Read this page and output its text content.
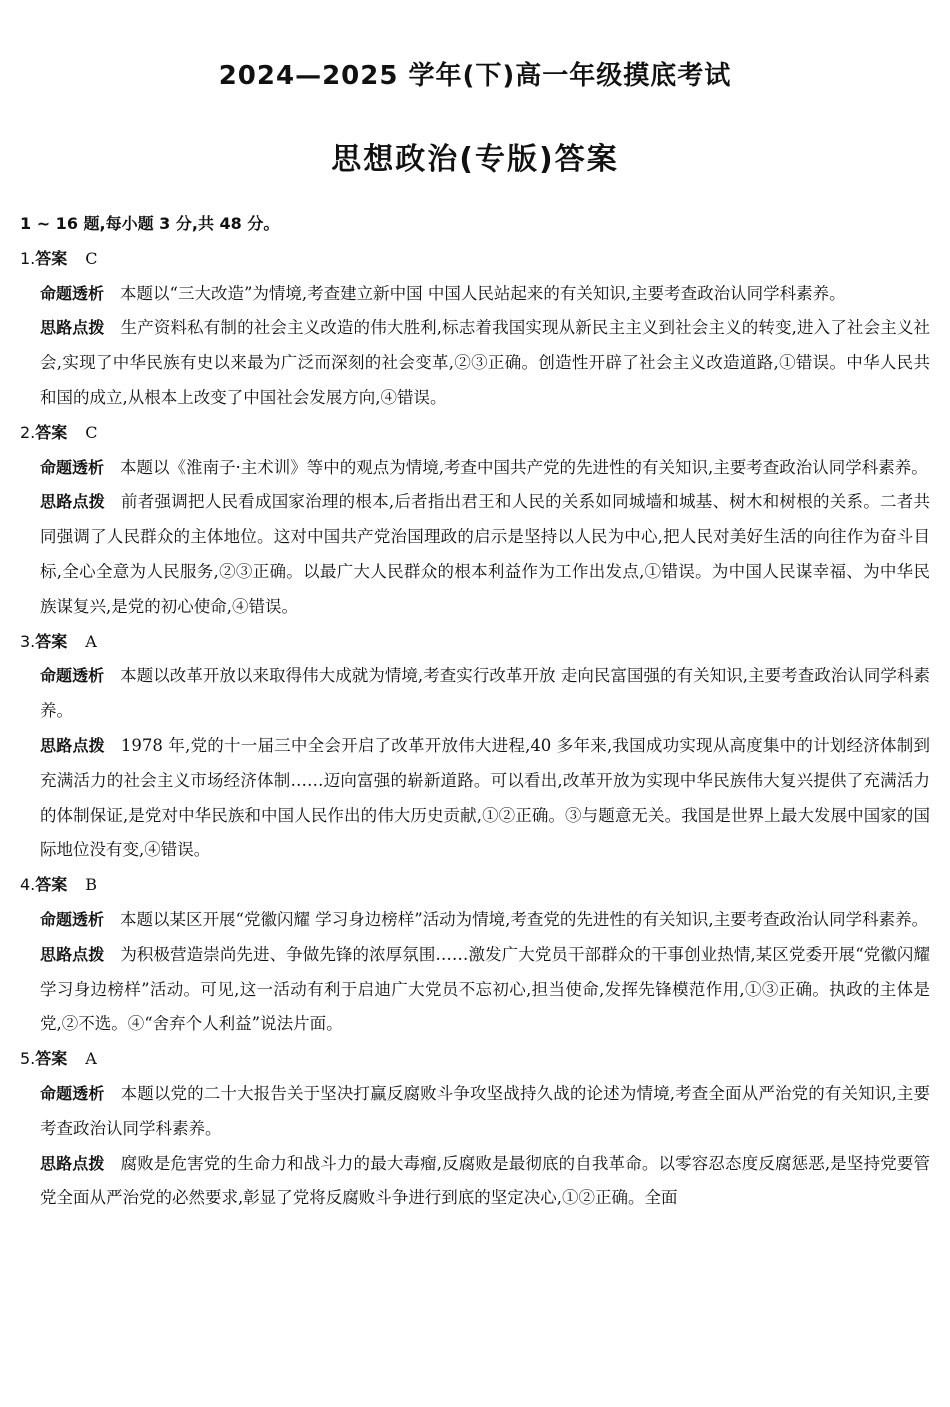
2024—2025 学年(下)高一年级摸底考试
思想政治(专版)答案

1 ~ 16 题,每小题 3 分,共 48 分。

1.答案 C

命题透析 本题以“三大改造”为情境,考查建立新中国 中国人民站起来的有关知识,主要考查政治认同学科素养。

思路点拨 生产资料私有制的社会主义改造的伟大胜利,标志着我国实现从新民主主义到社会主义的转变,进入了社会主义社会,实现了中华民族有史以来最为广泛而深刻的社会变革,②③正确。创造性开辟了社会主义改造道路,①错误。中华人民共和国的成立,从根本上改变了中国社会发展方向,④错误。

2.答案 C

命题透析 本题以《淮南子·主术训》等中的观点为情境,考查中国共产党的先进性的有关知识,主要考查政治认同学科素养。

思路点拨 前者强调把人民看成国家治理的根本,后者指出君王和人民的关系如同城墙和城基、树木和树根的关系。二者共同强调了人民群众的主体地位。这对中国共产党治国理政的启示是坚持以人民为中心,把人民对美好生活的向往作为奋斗目标,全心全意为人民服务,②③正确。以最广大人民群众的根本利益作为工作出发点,①错误。为中国人民谋幸福、为中华民族谋复兴,是党的初心使命,④错误。

3.答案 A

命题透析 本题以改革开放以来取得伟大成就为情境,考查实行改革开放 走向民富国强的有关知识,主要考查政治认同学科素养。

思路点拨 1978 年,党的十一届三中全会开启了改革开放伟大进程,40 多年来,我国成功实现从高度集中的计划经济体制到充满活力的社会主义市场经济体制……迈向富强的崭新道路。可以看出,改革开放为实现中华民族伟大复兴提供了充满活力的体制保证,是党对中华民族和中国人民作出的伟大历史贡献,①②正确。③与题意无关。我国是世界上最大发展中国家的国际地位没有变,④错误。

4.答案 B

命题透析 本题以某区开展“党徽闪耀 学习身边榜样”活动为情境,考查党的先进性的有关知识,主要考查政治认同学科素养。

思路点拨 为积极营造崇尚先进、争做先锋的浓厚氛围……激发广大党员干部群众的干事创业热情,某区党委开展“党徽闪耀 学习身边榜样”活动。可见,这一活动有利于启迪广大党员不忘初心,担当使命,发挥先锋模范作用,①③正确。执政的主体是党,②不选。④“舍弃个人利益”说法片面。

5.答案 A

命题透析 本题以党的二十大报告关于坚决打赢反腐败斗争攻坚战持久战的论述为情境,考查全面从严治党的有关知识,主要考查政治认同学科素养。

思路点拨 腐败是危害党的生命力和战斗力的最大毒瘤,反腐败是最彻底的自我革命。以零容忍态度反腐惩恶,是坚持党要管党全面从严治党的必然要求,彰显了党将反腐败斗争进行到底的坚定决心,①②正确。全面
